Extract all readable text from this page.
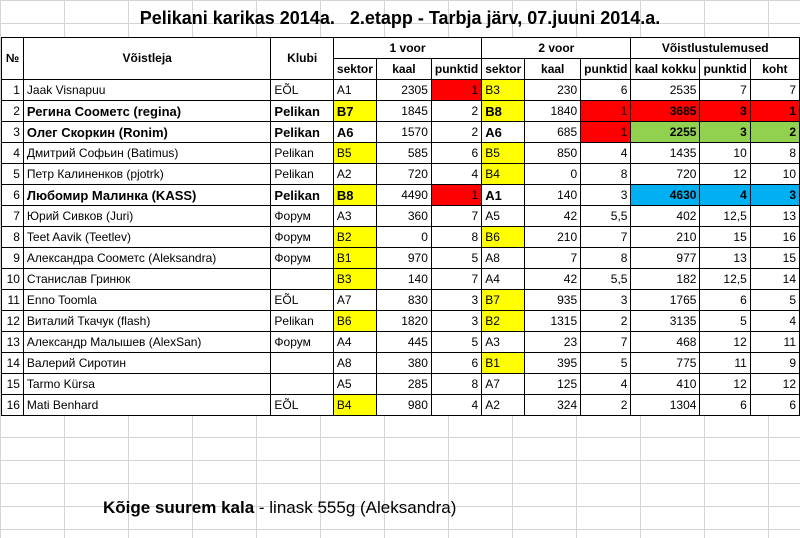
Pelikani karikas 2014a.   2.etapp - Tarbja järv, 07.juuni 2014.a.
№	Võistleja	Klubi	1 voor			2 voor			Võistlustulemused		
			sektor	kaal	punktid	sektor	kaal	punktid	kaal kokku	punktid	koht
1	Jaak Visnapuu	EÕL	A1	2305	1	B3	230	6	2535	7	7
2	Регина Соометс (regina)	Pelikan	B7	1845	2	B8	1840	1	3685	3	1
3	Олег Скоркин (Ronim)	Pelikan	A6	1570	2	A6	685	1	2255	3	2
4	Дмитрий Софьин (Batimus)	Pelikan	B5	585	6	B5	850	4	1435	10	8
5	Петр Калиненков (pjotrk)	Pelikan	A2	720	4	B4	0	8	720	12	10
6	Любомир Малинка (KASS)	Pelikan	B8	4490	1	A1	140	3	4630	4	3
7	Юрий Сивков (Juri)	Форум	A3	360	7	A5	42	5,5	402	12,5	13
8	Teet Aavik (Teetlev)	Форум	B2	0	8	B6	210	7	210	15	16
9	Александра Соометс (Aleksandra)	Форум	B1	970	5	A8	7	8	977	13	15
10	Станислав Гринюк		B3	140	7	A4	42	5,5	182	12,5	14
11	Enno Toomla	EÕL	A7	830	3	B7	935	3	1765	6	5
12	Виталий Ткачук (flash)	Pelikan	B6	1820	3	B2	1315	2	3135	5	4
13	Александр Малышев (AlexSan)	Форум	A4	445	5	A3	23	7	468	12	11
14	Валерий Сиротин		A8	380	6	B1	395	5	775	11	9
15	Tarmo Kürsa		A5	285	8	A7	125	4	410	12	12
16	Mati Benhard	EÕL	B4	980	4	A2	324	2	1304	6	6
Kõige suurem kala - linask 555g (Aleksandra)
